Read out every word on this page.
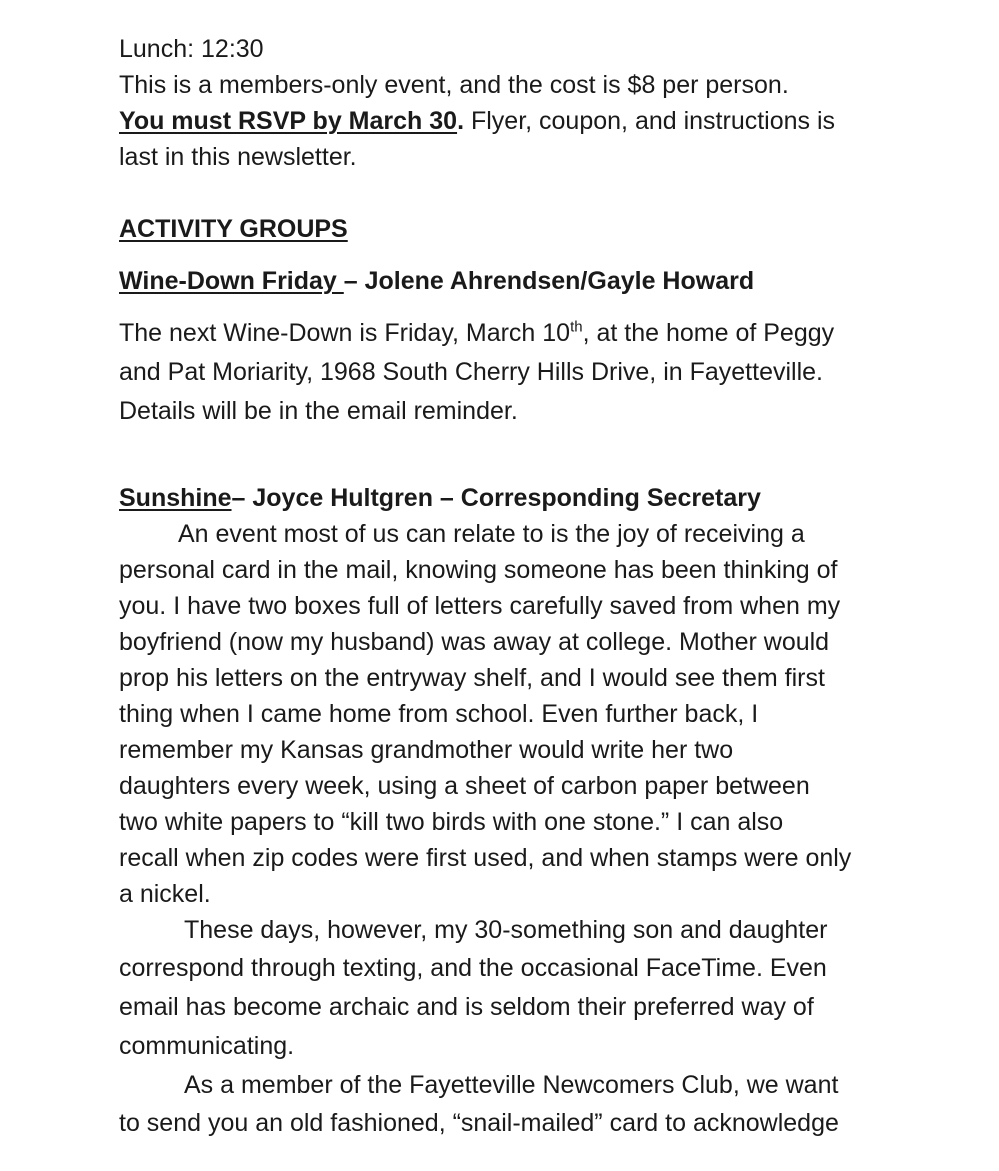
Lunch: 12:30
This is a members-only event, and the cost is $8 per person.
You must RSVP by March 30. Flyer, coupon, and instructions is
last in this newsletter.
ACTIVITY GROUPS
Wine-Down Friday – Jolene Ahrendsen/Gayle Howard
The next Wine-Down is Friday, March 10th, at the home of Peggy
and Pat Moriarity, 1968 South Cherry Hills Drive, in Fayetteville.
Details will be in the email reminder.
Sunshine– Joyce Hultgren – Corresponding Secretary
An event most of us can relate to is the joy of receiving a
personal card in the mail, knowing someone has been thinking of
you. I have two boxes full of letters carefully saved from when my
boyfriend (now my husband) was away at college. Mother would
prop his letters on the entryway shelf, and I would see them first
thing when I came home from school. Even further back, I
remember my Kansas grandmother would write her two
daughters every week, using a sheet of carbon paper between
two white papers to “kill two birds with one stone.” I can also
recall when zip codes were first used, and when stamps were only
a nickel.
These days, however, my 30-something son and daughter
correspond through texting, and the occasional FaceTime. Even
email has become archaic and is seldom their preferred way of
communicating.
As a member of the Fayetteville Newcomers Club, we want
to send you an old fashioned, “snail-mailed” card to acknowledge
